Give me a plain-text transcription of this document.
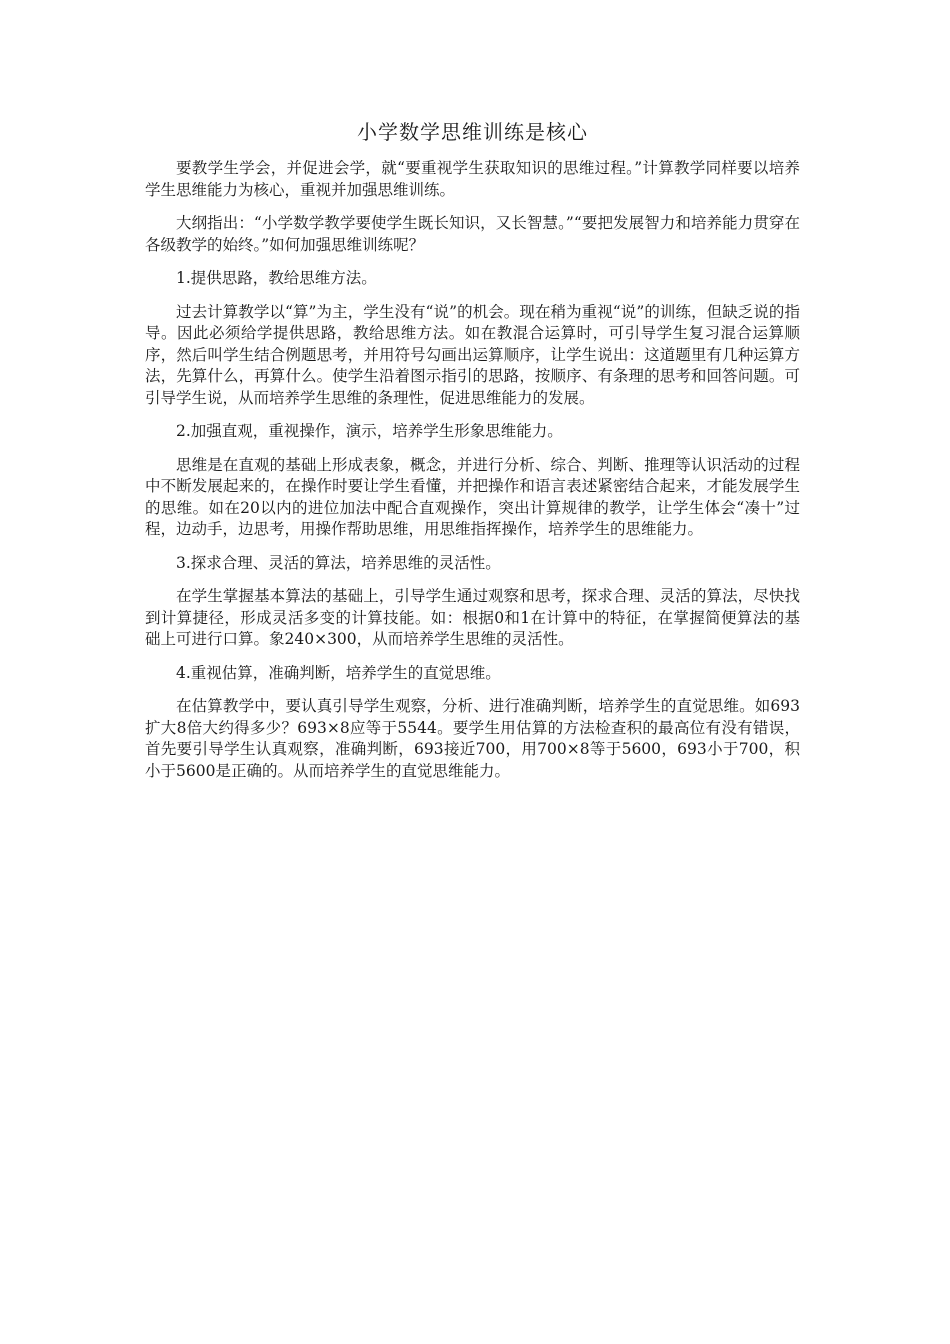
小学数学思维训练是核心

要教学生学会，并促进会学，就“要重视学生获取知识的思维过程。”计算教学同样要以培养学生思维能力为核心，重视并加强思维训练。

大纲指出：“小学数学教学要使学生既长知识，又长智慧。”“要把发展智力和培养能力贯穿在各级教学的始终。”如何加强思维训练呢？

1.提供思路，教给思维方法。

过去计算教学以“算”为主，学生没有“说”的机会。现在稍为重视“说”的训练，但缺乏说的指导。因此必须给学提供思路，教给思维方法。如在教混合运算时，可引导学生复习混合运算顺序，然后叫学生结合例题思考，并用符号勾画出运算顺序，让学生说出：这道题里有几种运算方法，先算什么，再算什么。使学生沿着图示指引的思路，按顺序、有条理的思考和回答问题。可引导学生说，从而培养学生思维的条理性，促进思维能力的发展。

2.加强直观，重视操作，演示，培养学生形象思维能力。

思维是在直观的基础上形成表象，概念，并进行分析、综合、判断、推理等认识活动的过程中不断发展起来的，在操作时要让学生看懂，并把操作和语言表述紧密结合起来，才能发展学生的思维。如在20以内的进位加法中配合直观操作，突出计算规律的教学，让学生体会“凑十”过程，边动手，边思考，用操作帮助思维，用思维指挥操作，培养学生的思维能力。

3.探求合理、灵活的算法，培养思维的灵活性。

在学生掌握基本算法的基础上，引导学生通过观察和思考，探求合理、灵活的算法，尽快找到计算捷径，形成灵活多变的计算技能。如：根据0和1在计算中的特征，在掌握简便算法的基础上可进行口算。象240×300，从而培养学生思维的灵活性。

4.重视估算，准确判断，培养学生的直觉思维。

在估算教学中，要认真引导学生观察，分析、进行准确判断，培养学生的直觉思维。如693扩大8倍大约得多少？693×8应等于5544。要学生用估算的方法检查积的最高位有没有错误，首先要引导学生认真观察，准确判断，693接近700，用700×8等于5600，693小于700，积小于5600是正确的。从而培养学生的直觉思维能力。
